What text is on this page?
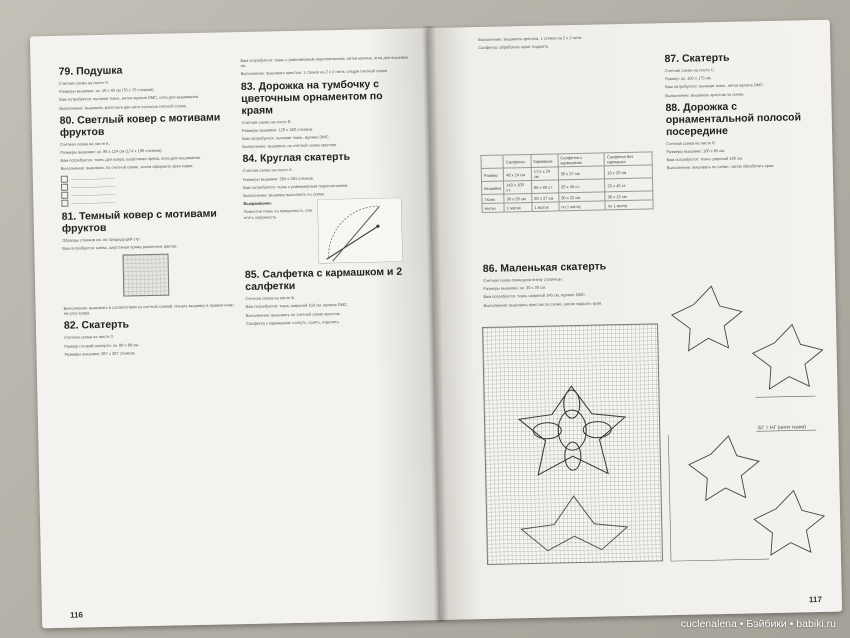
79. Подушка
Счетная схема на листе Л.
Размеры вышивки: ок. 40 х 40 см (70 х 70 стежков).
Вам потребуется: льняная ткань, нитки мулине DMC, игла для вышивания.
Выполнение: вышивать крестом в две нити согласно счетной схеме.
80. Светлый ковер с мотивами фруктов
Счетная схема на листе К.
Размеры вышивки: ок. 96 х 124 см (174 х 190 стежков).
Вам потребуется: ткань для ковра, шерстяная пряжа, игла для вышивания.
Выполнение: вышивать по счетной схеме, затем оформить края ковра.
———————————
———————————
———————————
———————————
81. Темный ковер с мотивами фруктов
Образцы стежков см. на предыдущей стр.
Вам потребуется: канва, шерстяная пряжа различных цветов.
Выполнение: вышивать в соответствии со счетной схемой. Начать вышивку в правом нижнем углу ковра.
82. Скатерть
Счетная схема на листе Л.
Размер готовой скатерти: ок. 88 х 88 см.
Размеры вышивки: 287 х 287 стежков.
Вам потребуется: ткань с равномерным переплетением, нитки мулине, игла для вышивания.
Выполнение: вышивать крестом, 1 стежок на 2 х 2 нити, следуя счетной схеме.
83. Дорожка на тумбочку с цветочным орнаментом по краям
Счетная схема на листе Е.
Размеры вышивки: 128 х 180 стежков.
Вам потребуется: льняная ткань, мулине DMC.
Выполнение: вышивать по счетной схеме крестом.
84. Круглая скатерть
Счетная схема на листе А.
Размеры вышивки: 284 х 284 стежков.
Вам потребуется: ткань с равномерным переплетением.
Выполнение: вышивку выполнять по схеме.
Выкраивание:
Поместив ткань на поверхность, отметить окружность.
85. Салфетка с кармашком и 2 салфетки
Счетная схема на листе Б.
Вам потребуется: ткань шириной 150 см, мулине DMC.
Выполнение: вышивать по счетной схеме крестом.
Салфетка с кармашком: согнуть, сшить, отделать.
116
Выполнение: вышивать крестом, 1 стежок на 2 х 2 нити.
Салфетка: обработать края, подшить.
	Салфетка	Кармашек	Салфетка с кармашком	Салфетка без кармашка
Размер	48 х 24 см	17,5 х 24 см	30 х 27 см	18 х 20 см
Вышивка	143 х 100 ст.	66 х 60 ст.	20 х 40 ст.	20 х 40 ст.
Ткань	30 х 28 см	30 х 27 см	30 х 22 см	30 х 22 см
Нитки	1 моток	1 моток	по 1 мотку	по 1 мотку
86. Маленькая скатерть
Счетная схема помещена внизу страницы.
Размеры вышивки: ок. 30 х 30 см.
Вам потребуется: ткань шириной 140 см, мулине DMC.
Выполнение: вышивать крестом по схеме, затем подшить края.
87. Скатерть
Счетная схема на листе С.
Размер: ок. 150 х 175 см.
Вам потребуется: льняная ткань, нитки мулине DMC.
Выполнение: вышивать крестом по схеме.
88. Дорожка с орнаментальной полосой посередине
Счетная схема на листе Е.
Размеры вышивки: 100 х 65 см.
Вам потребуется: ткань шириной 140 см.
Выполнение: вышивать по схеме, затем обработать края.
БГ = НГ (нити ткани)
117
cuclenalena • Бэйбики • babiki.ru
